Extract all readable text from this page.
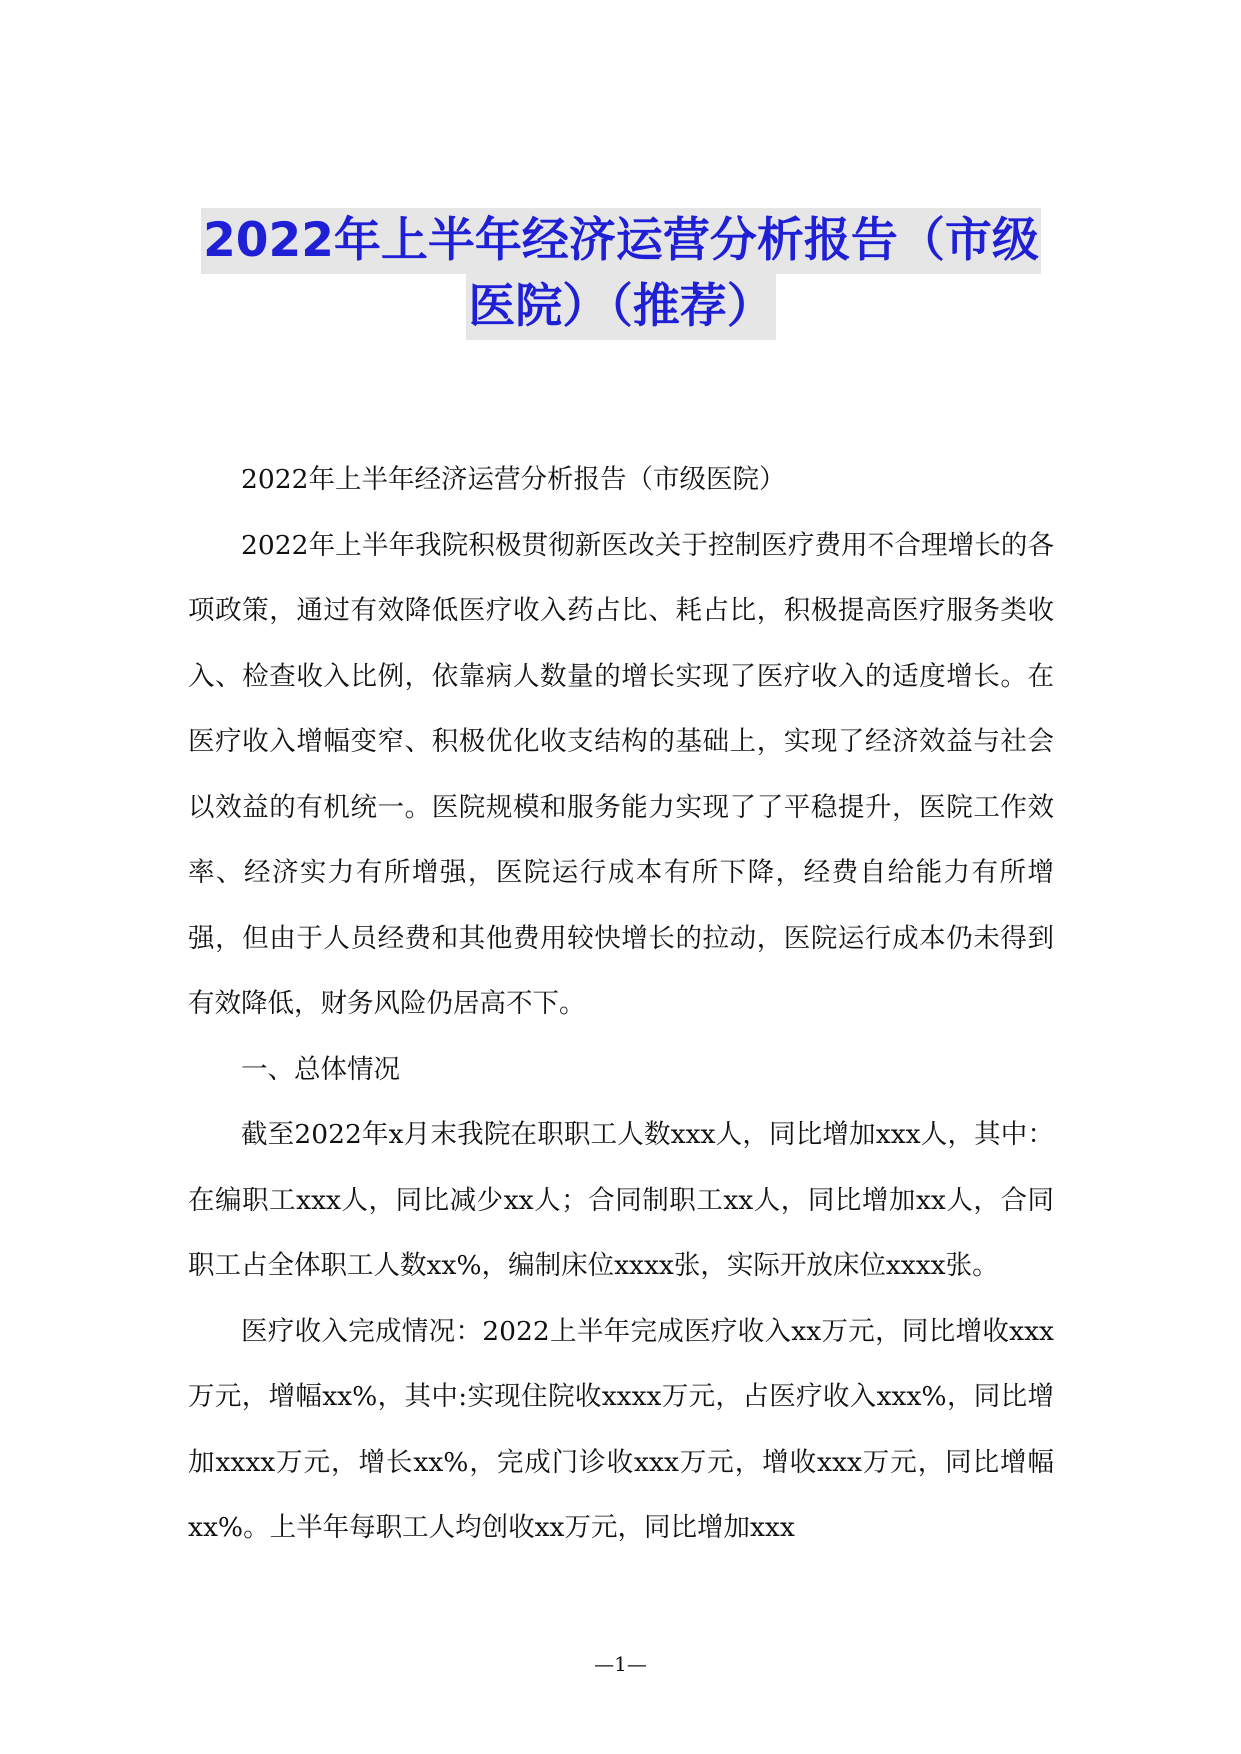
2022年上半年经济运营分析报告（市级
医院）（推荐）

2022年上半年经济运营分析报告（市级医院）

2022年上半年我院积极贯彻新医改关于控制医疗费用不合理增长的各项政策，通过有效降低医疗收入药占比、耗占比，积极提高医疗服务类收入、检查收入比例，依靠病人数量的增长实现了医疗收入的适度增长。在医疗收入增幅变窄、积极优化收支结构的基础上，实现了经济效益与社会以效益的有机统一。医院规模和服务能力实现了了平稳提升，医院工作效率、经济实力有所增强，医院运行成本有所下降，经费自给能力有所增强，但由于人员经费和其他费用较快增长的拉动，医院运行成本仍未得到有效降低，财务风险仍居高不下。

一、总体情况

截至2022年x月末我院在职职工人数xxx人，同比增加xxx人，其中：在编职工xxx人，同比减少xx人；合同制职工xx人，同比增加xx人，合同职工占全体职工人数xx%，编制床位xxxx张，实际开放床位xxxx张。

医疗收入完成情况：2022上半年完成医疗收入xx万元，同比增收xxx万元，增幅xx%，其中:实现住院收xxxx万元，占医疗收入xxx%，同比增加xxxx万元，增长xx%，完成门诊收xxx万元，增收xxx万元，同比增幅xx%。上半年每职工人均创收xx万元，同比增加xxx

—1—
